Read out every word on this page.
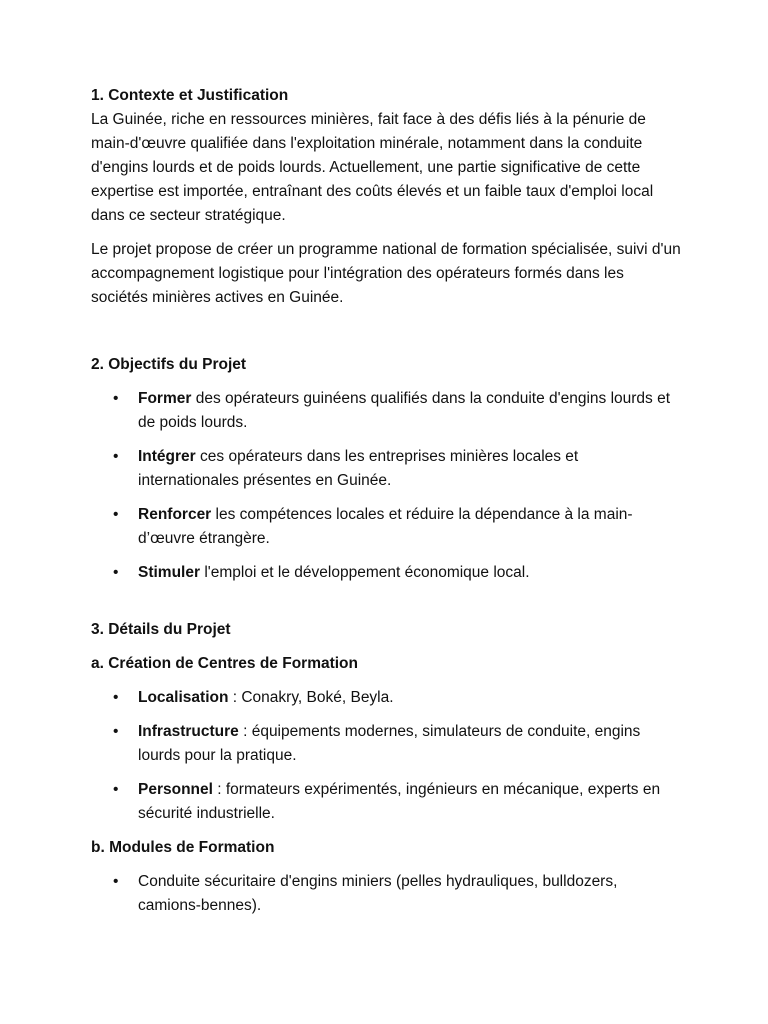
1. Contexte et Justification

La Guinée, riche en ressources minières, fait face à des défis liés à la pénurie de main-d'œuvre qualifiée dans l'exploitation minérale, notamment dans la conduite d'engins lourds et de poids lourds. Actuellement, une partie significative de cette expertise est importée, entraînant des coûts élevés et un faible taux d'emploi local dans ce secteur stratégique.

Le projet propose de créer un programme national de formation spécialisée, suivi d'un accompagnement logistique pour l'intégration des opérateurs formés dans les sociétés minières actives en Guinée.

2. Objectifs du Projet
• Former des opérateurs guinéens qualifiés dans la conduite d'engins lourds et de poids lourds.
• Intégrer ces opérateurs dans les entreprises minières locales et internationales présentes en Guinée.
• Renforcer les compétences locales et réduire la dépendance à la main-d’œuvre étrangère.
• Stimuler l'emploi et le développement économique local.
3. Détails du Projet
a. Création de Centres de Formation
• Localisation : Conakry, Boké, Beyla.
• Infrastructure : équipements modernes, simulateurs de conduite, engins lourds pour la pratique.
• Personnel : formateurs expérimentés, ingénieurs en mécanique, experts en sécurité industrielle.
b. Modules de Formation
• Conduite sécuritaire d'engins miniers (pelles hydrauliques, bulldozers, camions-bennes).
